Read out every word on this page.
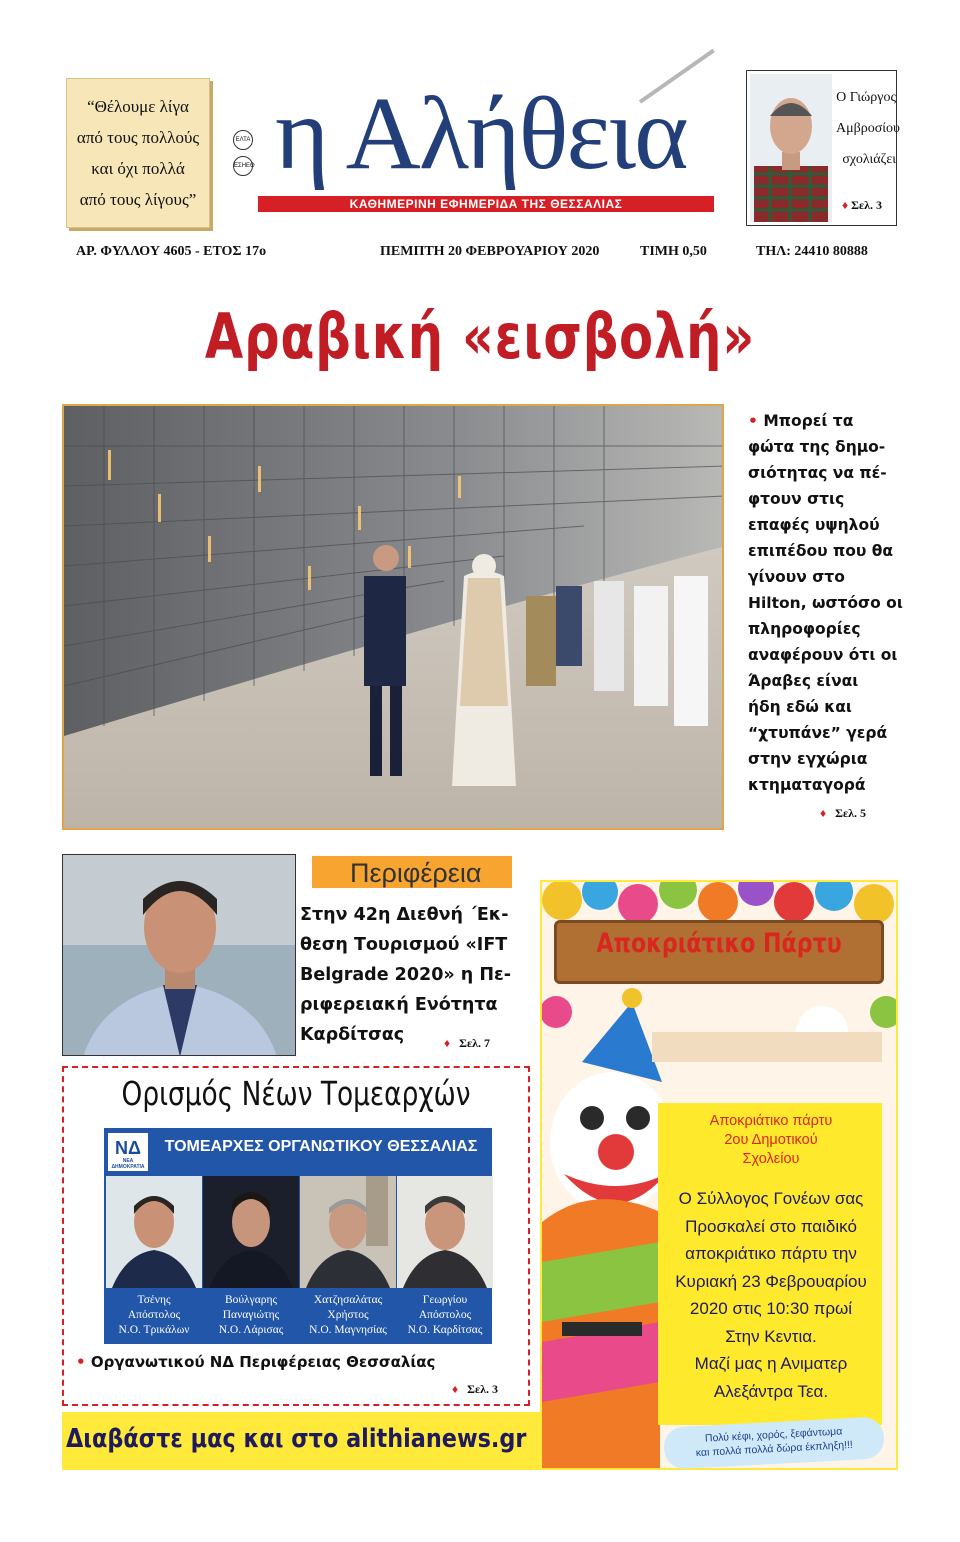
“Θέλουμε λίγα
από τους πολλούς
και όχι πολλά
από τους λίγους”
ΕΛΤΑ
ΕΣΗΕΘ η Αλήθεια
ΚΑΘΗΜΕΡΙΝΗ ΕΦΗΜΕΡΙΔΑ ΤΗΣ ΘΕΣΣΑΛΙΑΣ
Ο Γιώργος
Αμβροσίου
σχολιάζει
♦ Σελ. 3
ΑΡ. ΦΥΛΛΟΥ 4605 - ΕΤΟΣ 17ο	ΠΕΜΠΤΗ 20 ΦΕΒΡΟΥΑΡΙΟΥ 2020	ΤΙΜΗ 0,50	ΤΗΛ: 24410 80888
Αραβική «εισβολή»
• Μπορεί τα
φώτα της δημο-
σιότητας να πέ-
φτουν στις
επαφές υψηλού
επιπέδου που θα
γίνουν στο
Hilton, ωστόσο οι
πληροφορίες
αναφέρουν ότι οι
Άραβες είναι
ήδη εδώ και
“χτυπάνε” γερά
στην εγχώρια
κτηματαγορά
♦ Σελ. 5
Περιφέρεια
Στην 42η Διεθνή ΄Εκ-
θεση Τουρισμού «IFT
Belgrade 2020» η Πε-
ριφερειακή Ενότητα
Καρδίτσας	♦ Σελ. 7
Ορισμός Νέων Τομεαρχών
ΝΔ
ΝΕΑ ΔΗΜΟΚΡΑΤΙΑ
ΤΟΜΕΑΡΧΕΣ ΟΡΓΑΝΩΤΙΚΟΥ ΘΕΣΣΑΛΙΑΣ
Τσένης
Απόστολος
Ν.Ο. Τρικάλων
Βούλγαρης
Παναγιώτης
Ν.Ο. Λάρισας
Χατζησαλάτας
Χρήστος
Ν.Ο. Μαγνησίας
Γεωργίου
Απόστολος
Ν.Ο. Καρδίτσας
• Οργανωτικού ΝΔ Περιφέρειας Θεσσαλίας
♦ Σελ. 3
Διαβάστε μας και στο alithianews.gr
Αποκριάτικο Πάρτυ
Αποκριάτικο πάρτυ
2ου Δημοτικού
Σχολείου
Ο Σύλλογος Γονέων σας
Προσκαλεί στο παιδικό
αποκριάτικο πάρτυ την
Κυριακή 23 Φεβρουαρίου
2020 στις 10:30 πρωί
Στην Κεντια.
Μαζί μας η Ανιματερ
Αλεξάντρα Τεα.
Πολύ κέφι, χορός, ξεφάντωμα
και πολλά πολλά δώρα έκπληξη!!!
